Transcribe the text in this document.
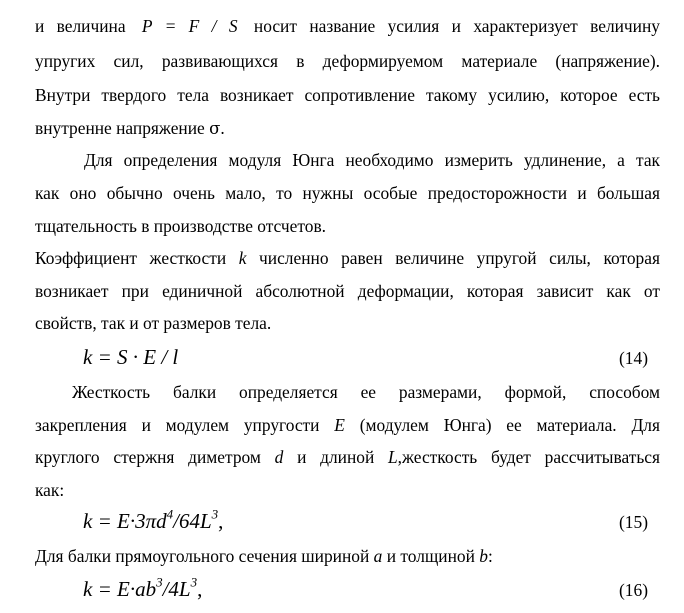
и величина P = F / S носит название усилия и характеризует величину
упругих сил, развивающихся в деформируемом материале (напряжение).
Внутри твердого тела возникает сопротивление такому усилию, которое есть
внутренне напряжение σ.
Для определения модуля Юнга необходимо измерить удлинение, а так
как оно обычно очень мало, то нужны особые предосторожности и большая
тщательность в производстве отсчетов.
Коэффициент жесткости k численно равен величине упругой силы, которая
возникает при единичной абсолютной деформации, которая зависит как от
свойств, так и от размеров тела.
k = S · E / l	(14)
Жесткость балки определяется ее размерами, формой, способом
закрепления и модулем упругости E (модулем Юнга) ее материала. Для
круглого стержня диметром d и длиной L,жесткость будет рассчитываться
как:
$k = E\cdot 3\pi d^4/64L^3$,	(15)
Для балки прямоугольного сечения шириной a и толщиной b:
$k = E\cdot ab^3/4L^3$,	(16)
